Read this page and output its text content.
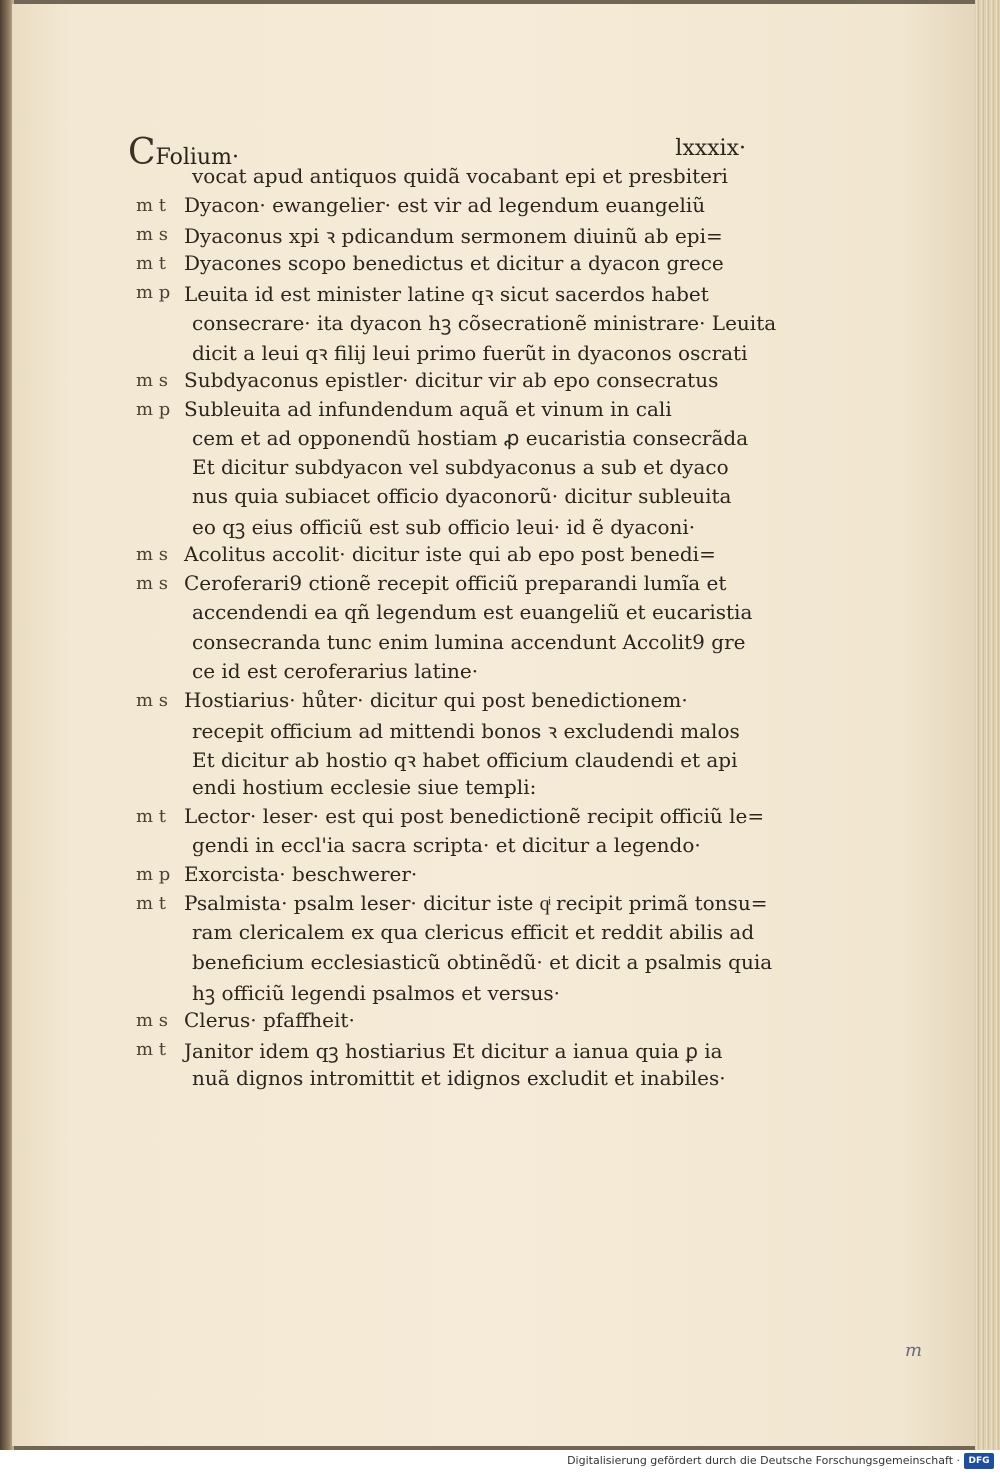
CFolium·	lxxxix·
vocat apud antiquos quidã vocabant epi et presbiteri
m t Dyacon· ewangelier· est vir ad legendum euangeliũ
m s Dyaconus xpi ꝛ pdicandum sermonem diuinũ ab epi=
m t Dyacones scopo benedictus et dicitur a dyacon grece
m p Leuita id est minister latine qꝛ sicut sacerdos habet
consecrare· ita dyacon hꝫ cõsecrationẽ ministrare· Leuita
dicit a leui qꝛ filij leui primo fuerũt in dyaconos oscrati
m s Subdyaconus epistler· dicitur vir ab epo consecratus
m p Subleuita ad infundendum aquã et vinum in cali
cem et ad opponendũ hostiam ꝓ eucaristia consecrãda
Et dicitur subdyacon vel subdyaconus a sub et dyaco
nus quia subiacet officio dyaconorũ· dicitur subleuita
eo qꝫ eius officiũ est sub officio leui· id ẽ dyaconi·
m s Acolitus accolit· dicitur iste qui ab epo post benedi=
m s Ceroferari9 ctionẽ recepit officiũ preparandi lumĩa et
accendendi ea qñ legendum est euangeliũ et eucaristia
consecranda tunc enim lumina accendunt Accolit9 gre
ce id est ceroferarius latine·
m s Hostiarius· hůter· dicitur qui post benedictionem·
recepit officium ad mittendi bonos ꝛ excludendi malos
Et dicitur ab hostio qꝛ habet officium claudendi et api
endi hostium ecclesie siue templi:
m t Lector· leser· est qui post benedictionẽ recipit officiũ le=
gendi in eccl'ia sacra scripta· et dicitur a legendo·
m p Exorcista· beschwerer·
m t Psalmista· psalm leser· dicitur iste qͥ recipit primã tonsu=
ram clericalem ex qua clericus efficit et reddit abilis ad
beneficium ecclesiasticũ obtinẽdũ· et dicit a psalmis quia
hꝫ officiũ legendi psalmos et versus·
m s Clerus· pfaffheit·
m t Janitor idem qꝫ hostiarius Et dicitur a ianua quia ꝑ ia
nuã dignos intromittit et idignos excludit et inabiles·
m
Digitalisierung gefördert durch die Deutsche Forschungsgemeinschaft · DFG
